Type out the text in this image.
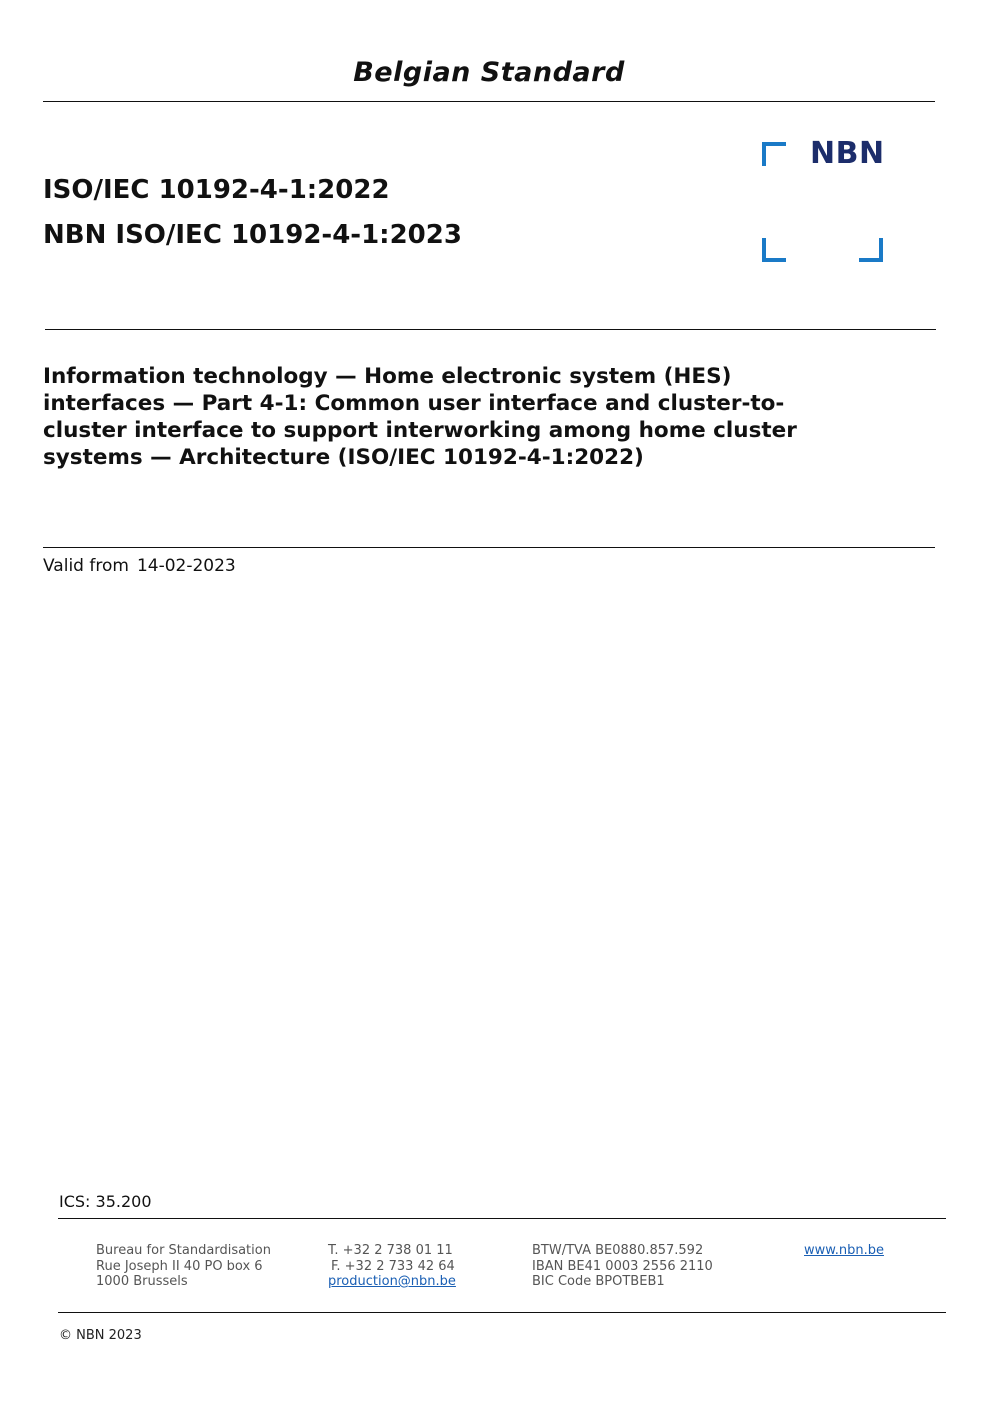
Belgian Standard
ISO/IEC 10192-4-1:2022
NBN ISO/IEC 10192-4-1:2023
NBN
Information technology — Home electronic system (HES)
interfaces — Part 4-1: Common user interface and cluster-to-
cluster interface to support interworking among home cluster
systems — Architecture (ISO/IEC 10192-4-1:2022)
Valid from 14-02-2023
ICS: 35.200
Bureau for Standardisation
Rue Joseph II 40 PO box 6
1000 Brussels
T. +32 2 738 01 11
F. +32 2 733 42 64
production@nbn.be
BTW/TVA BE0880.857.592
IBAN BE41 0003 2556 2110
BIC Code BPOTBEB1
www.nbn.be
© NBN 2023
